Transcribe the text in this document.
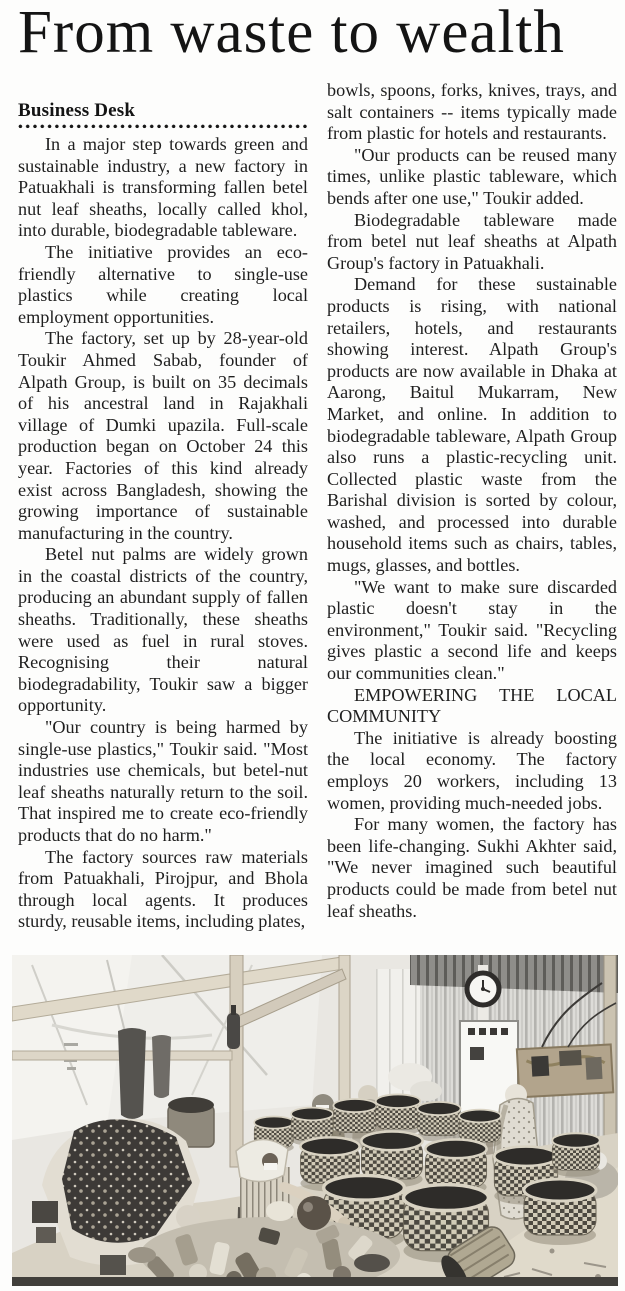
From waste to wealth
Business Desk

In a major step towards green and sustainable industry, a new factory in Patuakhali is transforming fallen betel nut leaf sheaths, locally called khol, into durable, biodegradable tableware.

The initiative provides an eco-friendly alternative to single-use plastics while creating local employment opportunities.

The factory, set up by 28-year-old Toukir Ahmed Sabab, founder of Alpath Group, is built on 35 decimals of his ancestral land in Rajakhali village of Dumki upazila. Full-scale production began on October 24 this year. Factories of this kind already exist across Bangladesh, showing the growing importance of sustainable manufacturing in the country.

Betel nut palms are widely grown in the coastal districts of the country, producing an abundant supply of fallen sheaths. Traditionally, these sheaths were used as fuel in rural stoves. Recognising their natural biodegradability, Toukir saw a bigger opportunity.

"Our country is being harmed by single-use plastics," Toukir said. "Most industries use chemicals, but betel-nut leaf sheaths naturally return to the soil. That inspired me to create eco-friendly products that do no harm."

The factory sources raw materials from Patuakhali, Pirojpur, and Bhola through local agents. It produces sturdy, reusable items, including plates,

bowls, spoons, forks, knives, trays, and salt containers -- items typically made from plastic for hotels and restaurants.

"Our products can be reused many times, unlike plastic tableware, which bends after one use," Toukir added.

Biodegradable tableware made from betel nut leaf sheaths at Alpath Group's factory in Patuakhali.

Demand for these sustainable products is rising, with national retailers, hotels, and restaurants showing interest. Alpath Group's products are now available in Dhaka at Aarong, Baitul Mukarram, New Market, and online. In addition to biodegradable tableware, Alpath Group also runs a plastic-recycling unit. Collected plastic waste from the Barishal division is sorted by colour, washed, and processed into durable household items such as chairs, tables, mugs, glasses, and bottles.

"We want to make sure discarded plastic doesn't stay in the environment," Toukir said. "Recycling gives plastic a second life and keeps our communities clean."

EMPOWERING THE LOCAL COMMUNITY

The initiative is already boosting the local economy. The factory employs 20 workers, including 13 women, providing much-needed jobs.

For many women, the factory has been life-changing. Sukhi Akhter said, "We never imagined such beautiful products could be made from betel nut leaf sheaths.
